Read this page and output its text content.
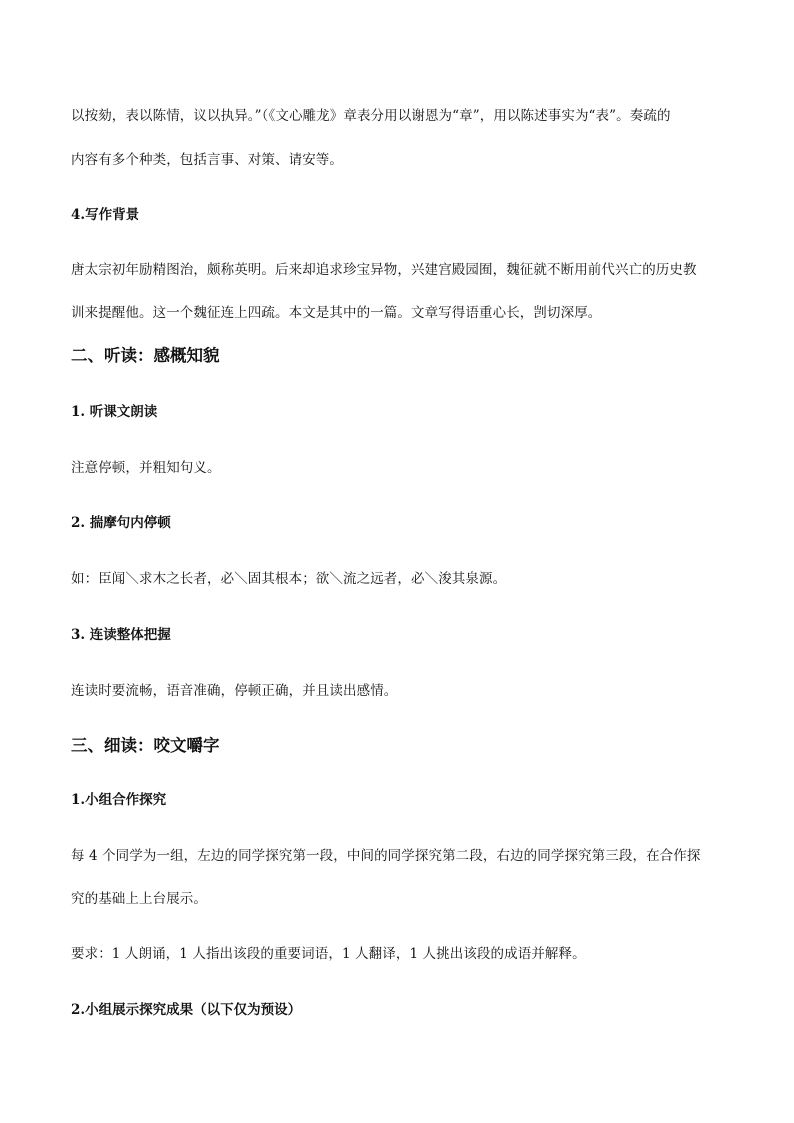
以按劾，表以陈情，议以执异。”（《文心雕龙》章表分用以谢恩为“章”，用以陈述事实为“表”。奏疏的
内容有多个种类，包括言事、对策、请安等。
4.写作背景
唐太宗初年励精图治，颇称英明。后来却追求珍宝异物，兴建宫殿园囿，魏征就不断用前代兴亡的历史教
训来提醒他。这一个魏征连上四疏。本文是其中的一篇。文章写得语重心长，剀切深厚。
二、听读：感概知貌
1. 听课文朗读
注意停顿，并粗知句义。
2. 揣摩句内停顿
如：臣闻＼求木之长者，必＼固其根本；欲＼流之远者，必＼浚其泉源。
3. 连读整体把握
连读时要流畅，语音准确，停顿正确，并且读出感情。
三、细读：咬文嚼字
1.小组合作探究
每 4 个同学为一组，左边的同学探究第一段，中间的同学探究第二段，右边的同学探究第三段，在合作探
究的基础上上台展示。
要求：1 人朗诵，1 人指出该段的重要词语，1 人翻译，1 人挑出该段的成语并解释。
2.小组展示探究成果（以下仅为预设）
